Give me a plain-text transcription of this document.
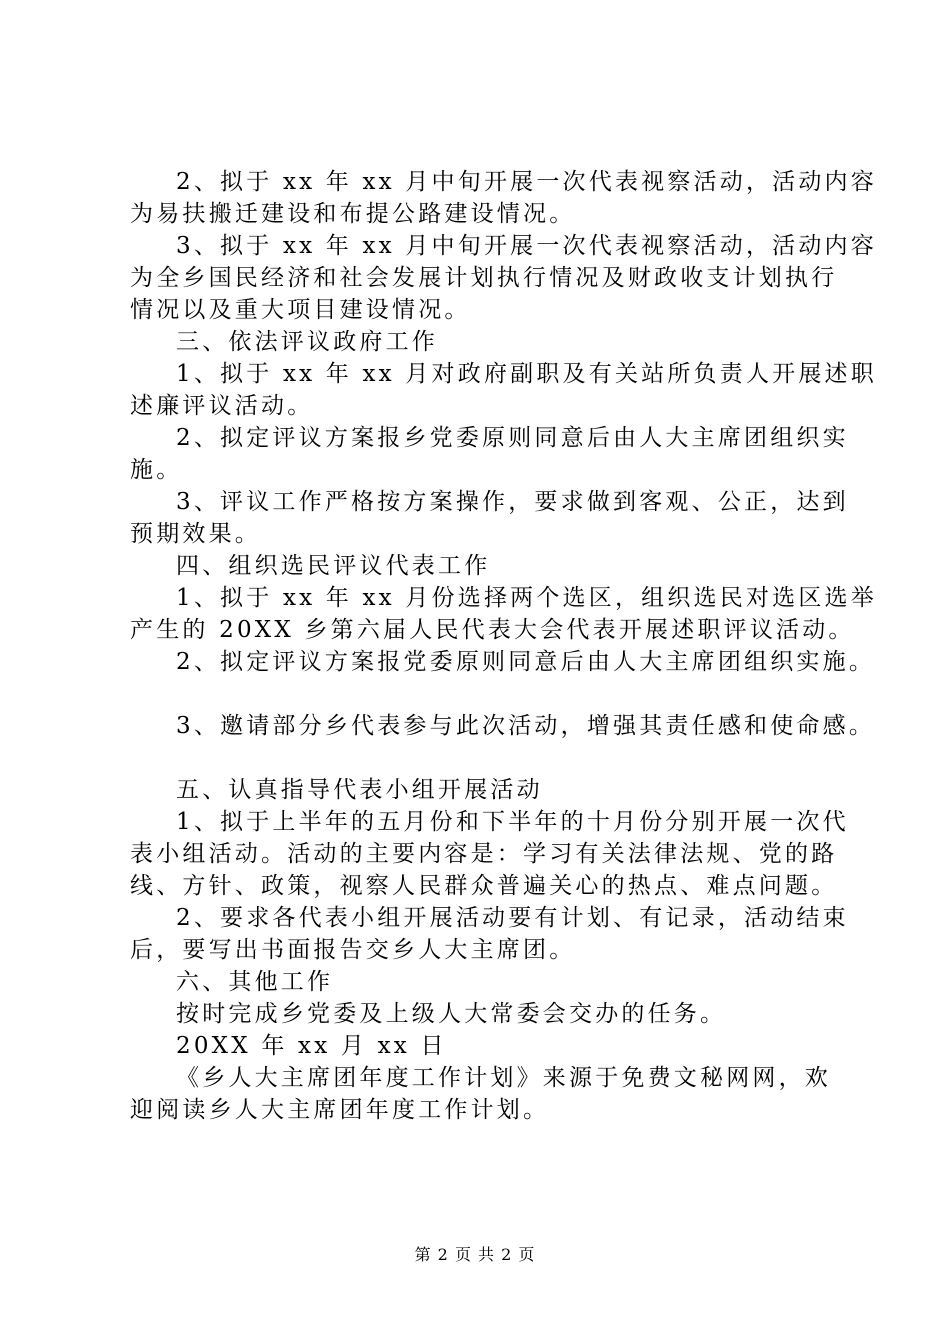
2、拟于 xx 年 xx 月中旬开展一次代表视察活动，活动内容

为易扶搬迁建设和布提公路建设情况。

3、拟于 xx 年 xx 月中旬开展一次代表视察活动，活动内容

为全乡国民经济和社会发展计划执行情况及财政收支计划执行

情况以及重大项目建设情况。

三、依法评议政府工作

1、拟于 xx 年 xx 月对政府副职及有关站所负责人开展述职

述廉评议活动。

2、拟定评议方案报乡党委原则同意后由人大主席团组织实

施。

3、评议工作严格按方案操作，要求做到客观、公正，达到

预期效果。

四、组织选民评议代表工作

1、拟于 xx 年 xx 月份选择两个选区，组织选民对选区选举

产生的 20XX 乡第六届人民代表大会代表开展述职评议活动。

2、拟定评议方案报党委原则同意后由人大主席团组织实施。

3、邀请部分乡代表参与此次活动，增强其责任感和使命感。

五、认真指导代表小组开展活动

1、拟于上半年的五月份和下半年的十月份分别开展一次代

表小组活动。活动的主要内容是：学习有关法律法规、党的路

线、方针、政策，视察人民群众普遍关心的热点、难点问题。

2、要求各代表小组开展活动要有计划、有记录，活动结束

后，要写出书面报告交乡人大主席团。

六、其他工作

按时完成乡党委及上级人大常委会交办的任务。

20XX 年 xx 月 xx 日

《乡人大主席团年度工作计划》来源于免费文秘网网，欢

迎阅读乡人大主席团年度工作计划。

第 2 页 共 2 页
